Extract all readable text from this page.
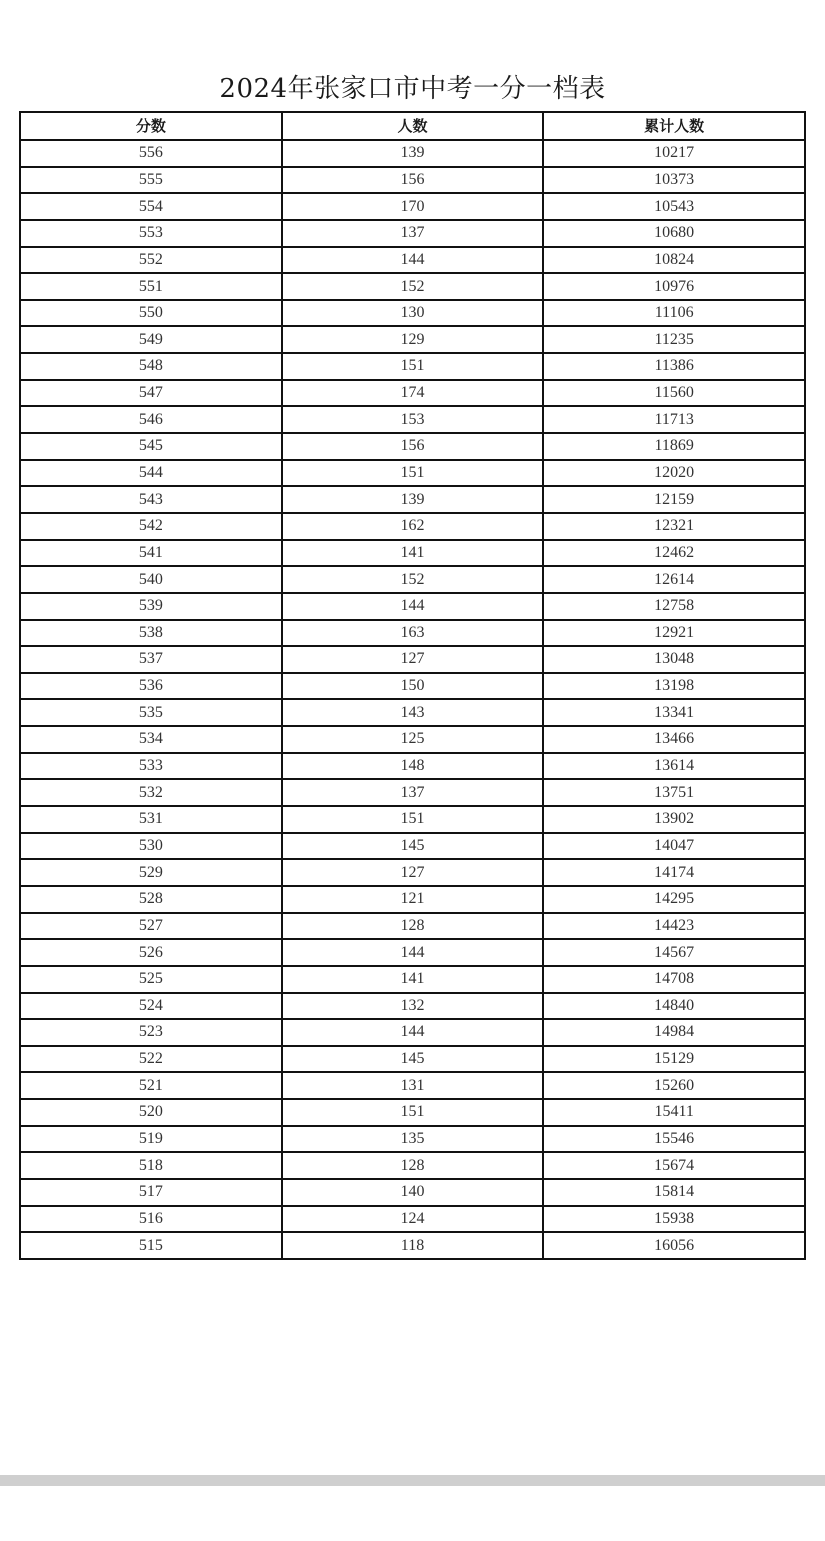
2024年张家口市中考一分一档表
分数	人数	累计人数
556	139	10217
555	156	10373
554	170	10543
553	137	10680
552	144	10824
551	152	10976
550	130	11106
549	129	11235
548	151	11386
547	174	11560
546	153	11713
545	156	11869
544	151	12020
543	139	12159
542	162	12321
541	141	12462
540	152	12614
539	144	12758
538	163	12921
537	127	13048
536	150	13198
535	143	13341
534	125	13466
533	148	13614
532	137	13751
531	151	13902
530	145	14047
529	127	14174
528	121	14295
527	128	14423
526	144	14567
525	141	14708
524	132	14840
523	144	14984
522	145	15129
521	131	15260
520	151	15411
519	135	15546
518	128	15674
517	140	15814
516	124	15938
515	118	16056
